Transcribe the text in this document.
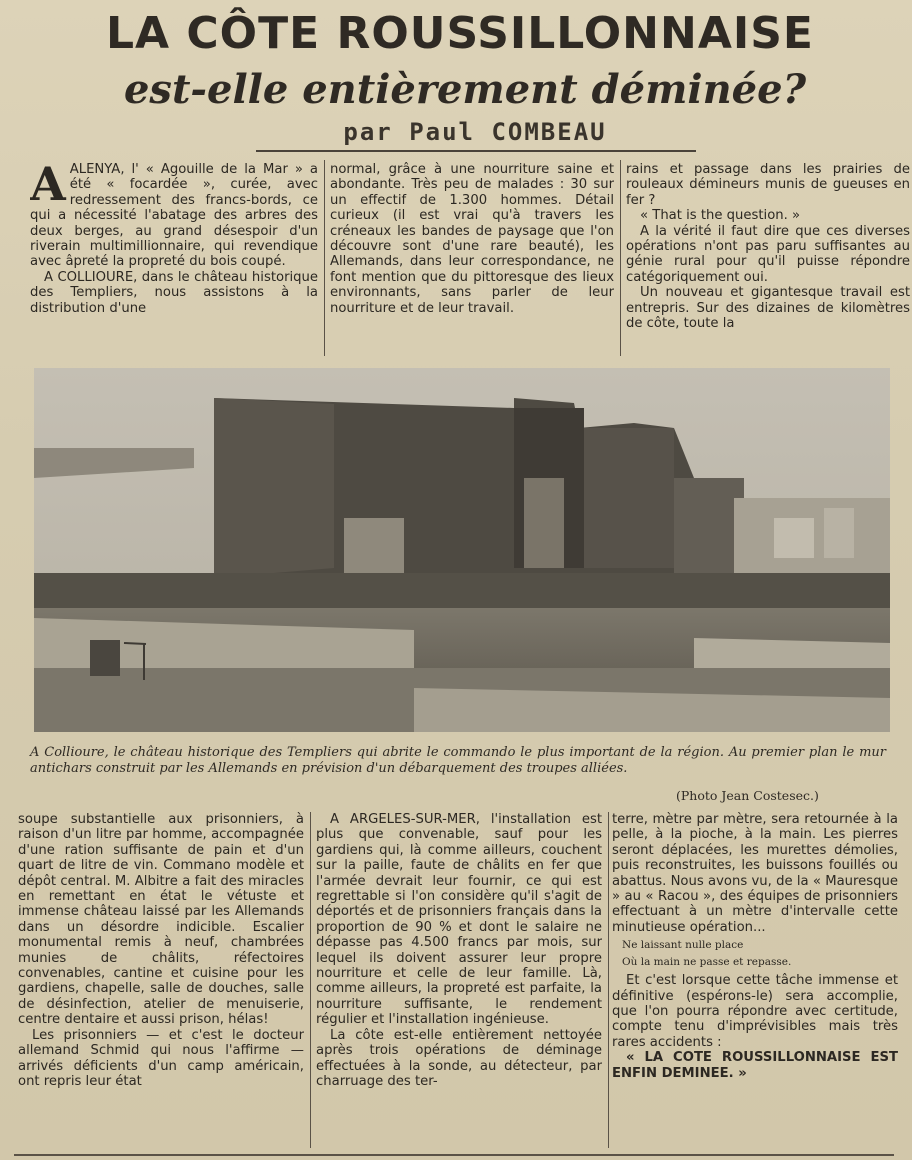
LA CÔTE ROUSSILLONNAISE
est-elle entièrement déminée?
par Paul COMBEAU

AALENYA, l' « Agouille de la Mar » a été « focardée », curée, avec redressement des francs-bords, ce qui a nécessité l'abatage des arbres des deux berges, au grand désespoir d'un riverain multimillionnaire, qui revendique avec âpreté la propreté du bois coupé.

A COLLIOURE, dans le château historique des Templiers, nous assistons à la distribution d'une

normal, grâce à une nourriture saine et abondante. Très peu de malades : 30 sur un effectif de 1.300 hommes. Détail curieux (il est vrai qu'à travers les créneaux les bandes de paysage que l'on découvre sont d'une rare beauté), les Allemands, dans leur correspondance, ne font mention que du pittoresque des lieux environnants, sans parler de leur nourriture et de leur travail.

rains et passage dans les prairies de rouleaux démineurs munis de gueuses en fer ?

« That is the question. »

A la vérité il faut dire que ces diverses opérations n'ont pas paru suffisantes au génie rural pour qu'il puisse répondre catégoriquement oui.

Un nouveau et gigantesque travail est entrepris. Sur des dizaines de kilomètres de côte, toute la

A Collioure, le château historique des Templiers qui abrite le commando le plus important de la région. Au premier plan le mur antichars construit par les Allemands en prévision d'un débarquement des troupes alliées.
(Photo Jean Costesec.)

soupe substantielle aux prisonniers, à raison d'un litre par homme, accompagnée d'une ration suffisante de pain et d'un quart de litre de vin. Commano modèle et dépôt central. M. Albitre a fait des miracles en remettant en état le vétuste et immense château laissé par les Allemands dans un désordre indicible. Escalier monumental remis à neuf, chambrées munies de châlits, réfectoires convenables, cantine et cuisine pour les gardiens, chapelle, salle de douches, salle de désinfection, atelier de menuiserie, centre dentaire et aussi prison, hélas!

Les prisonniers — et c'est le docteur allemand Schmid qui nous l'affirme — arrivés déficients d'un camp américain, ont repris leur état

A ARGELES-SUR-MER, l'installation est plus que convenable, sauf pour les gardiens qui, là comme ailleurs, couchent sur la paille, faute de châlits en fer que l'armée devrait leur fournir, ce qui est regrettable si l'on considère qu'il s'agit de déportés et de prisonniers français dans la proportion de 90 % et dont le salaire ne dépasse pas 4.500 francs par mois, sur lequel ils doivent assurer leur propre nourriture et celle de leur famille. Là, comme ailleurs, la propreté est parfaite, la nourriture suffisante, le rendement régulier et l'installation ingénieuse.

La côte est-elle entièrement nettoyée après trois opérations de déminage effectuées à la sonde, au détecteur, par charruage des ter-

terre, mètre par mètre, sera retournée à la pelle, à la pioche, à la main. Les pierres seront déplacées, les murettes démolies, puis reconstruites, les buissons fouillés ou abattus. Nous avons vu, de la « Mauresque » au « Racou », des équipes de prisonniers effectuant à un mètre d'intervalle cette minutieuse opération...

Ne laissant nulle place

Où la main ne passe et repasse.

Et c'est lorsque cette tâche immense et définitive (espérons-le) sera accomplie, que l'on pourra répondre avec certitude, compte tenu d'imprévisibles mais très rares accidents :

« LA COTE ROUSSILLONNAISE EST ENFIN DEMINEE. »
